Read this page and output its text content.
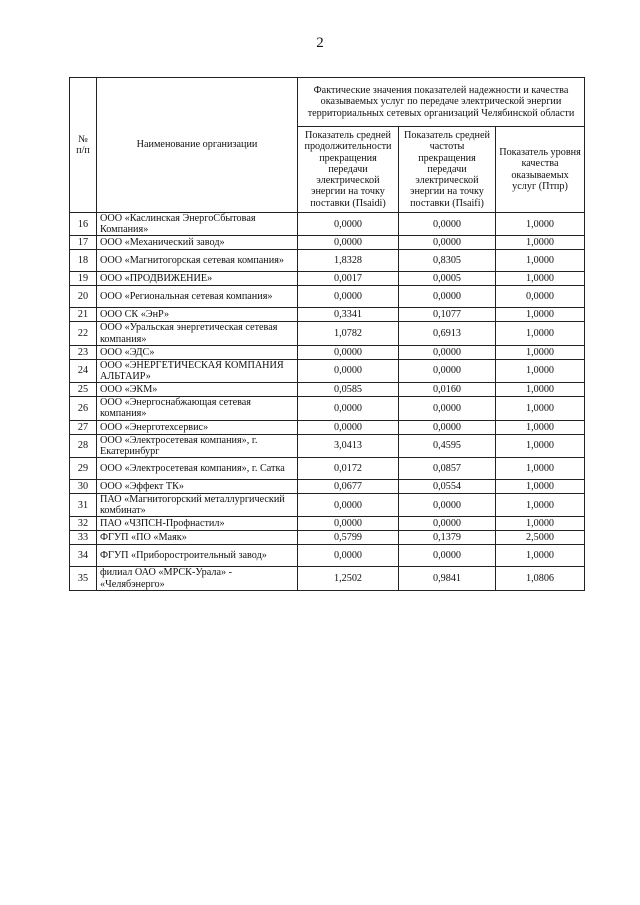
2
№ п/п	Наименование организации	Фактические значения показателей надежности и качества оказываемых услуг по передаче электрической энергии территориальных сетевых организаций Челябинской области		
		Показатель средней продолжительности прекращения передачи электрической энергии на точку поставки (Пsaidi)	Показатель средней частоты прекращения передачи электрической энергии на точку поставки (Пsaifi)	Показатель уровня качества оказываемых услуг (Птпр)
16	ООО «Каслинская ЭнергоСбытовая Компания»	0,0000	0,0000	1,0000
17	ООО «Механический завод»	0,0000	0,0000	1,0000
18	ООО «Магнитогорская сетевая компания»	1,8328	0,8305	1,0000
19	ООО «ПРОДВИЖЕНИЕ»	0,0017	0,0005	1,0000
20	ООО «Региональная сетевая компания»	0,0000	0,0000	0,0000
21	ООО СК «ЭнР»	0,3341	0,1077	1,0000
22	ООО «Уральская энергетическая сетевая компания»	1,0782	0,6913	1,0000
23	ООО «ЭДС»	0,0000	0,0000	1,0000
24	ООО «ЭНЕРГЕТИЧЕСКАЯ КОМПАНИЯ АЛЬТАИР»	0,0000	0,0000	1,0000
25	ООО «ЭКМ»	0,0585	0,0160	1,0000
26	ООО «Энергоснабжающая сетевая компания»	0,0000	0,0000	1,0000
27	ООО «Энерготехсервис»	0,0000	0,0000	1,0000
28	ООО «Электросетевая компания», г. Екатеринбург	3,0413	0,4595	1,0000
29	ООО «Электросетевая компания», г. Сатка	0,0172	0,0857	1,0000
30	ООО «Эффект ТК»	0,0677	0,0554	1,0000
31	ПАО «Магнитогорский металлургический комбинат»	0,0000	0,0000	1,0000
32	ПАО «ЧЗПСН-Профнастил»	0,0000	0,0000	1,0000
33	ФГУП «ПО «Маяк»	0,5799	0,1379	2,5000
34	ФГУП «Приборостроительный завод»	0,0000	0,0000	1,0000
35	филиал ОАО «МРСК-Урала» - «Челябэнерго»	1,2502	0,9841	1,0806
